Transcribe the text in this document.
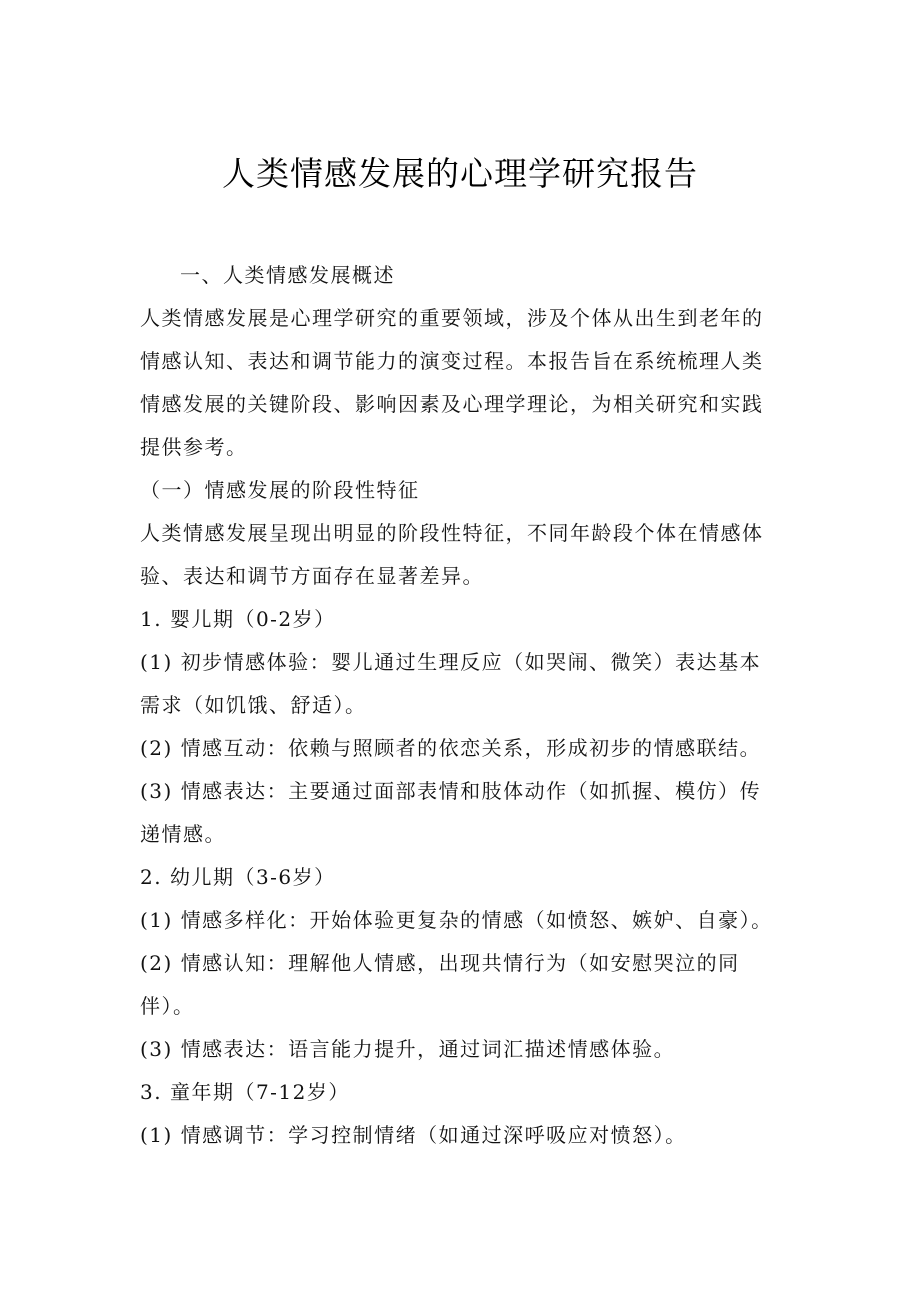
人类情感发展的心理学研究报告

一、人类情感发展概述

人类情感发展是心理学研究的重要领域，涉及个体从出生到老年的情感认知、表达和调节能力的演变过程。本报告旨在系统梳理人类情感发展的关键阶段、影响因素及心理学理论，为相关研究和实践提供参考。

（一）情感发展的阶段性特征

人类情感发展呈现出明显的阶段性特征，不同年龄段个体在情感体验、表达和调节方面存在显著差异。

1. 婴儿期（0-2岁）

(1) 初步情感体验：婴儿通过生理反应（如哭闹、微笑）表达基本需求（如饥饿、舒适）。

(2) 情感互动：依赖与照顾者的依恋关系，形成初步的情感联结。

(3) 情感表达：主要通过面部表情和肢体动作（如抓握、模仿）传递情感。

2. 幼儿期（3-6岁）

(1) 情感多样化：开始体验更复杂的情感（如愤怒、嫉妒、自豪）。

(2) 情感认知：理解他人情感，出现共情行为（如安慰哭泣的同伴）。

(3) 情感表达：语言能力提升，通过词汇描述情感体验。

3. 童年期（7-12岁）

(1) 情感调节：学习控制情绪（如通过深呼吸应对愤怒）。
